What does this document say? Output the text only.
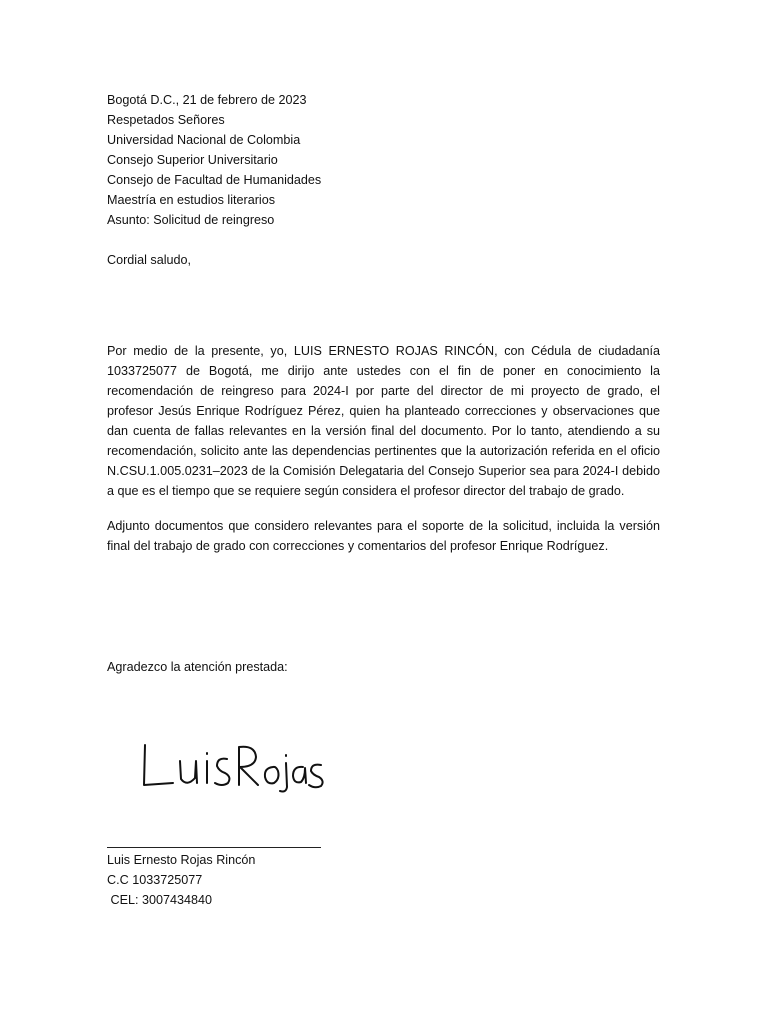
Bogotá D.C., 21 de febrero de 2023
Respetados Señores
Universidad Nacional de Colombia
Consejo Superior Universitario
Consejo de Facultad de Humanidades
Maestría en estudios literarios
Asunto: Solicitud de reingreso
Cordial saludo,
Por medio de la presente, yo, LUIS ERNESTO ROJAS RINCÓN, con Cédula de ciudadanía 1033725077 de Bogotá, me dirijo ante ustedes con el fin de poner en conocimiento la recomendación de reingreso para 2024-I por parte del director de mi proyecto de grado, el profesor Jesús Enrique Rodríguez Pérez, quien ha planteado correcciones y observaciones que dan cuenta de fallas relevantes en la versión final del documento. Por lo tanto, atendiendo a su recomendación, solicito ante las dependencias pertinentes que la autorización referida en el oficio N.CSU.1.005.0231–2023 de la Comisión Delegataria del Consejo Superior sea para 2024-I debido a que es el tiempo que se requiere según considera el profesor director del trabajo de grado.
Adjunto documentos que considero relevantes para el soporte de la solicitud, incluida la versión final del trabajo de grado con correcciones y comentarios del profesor Enrique Rodríguez.
Agradezco la atención prestada:
Luis Ernesto Rojas Rincón
C.C 1033725077
CEL: 3007434840
